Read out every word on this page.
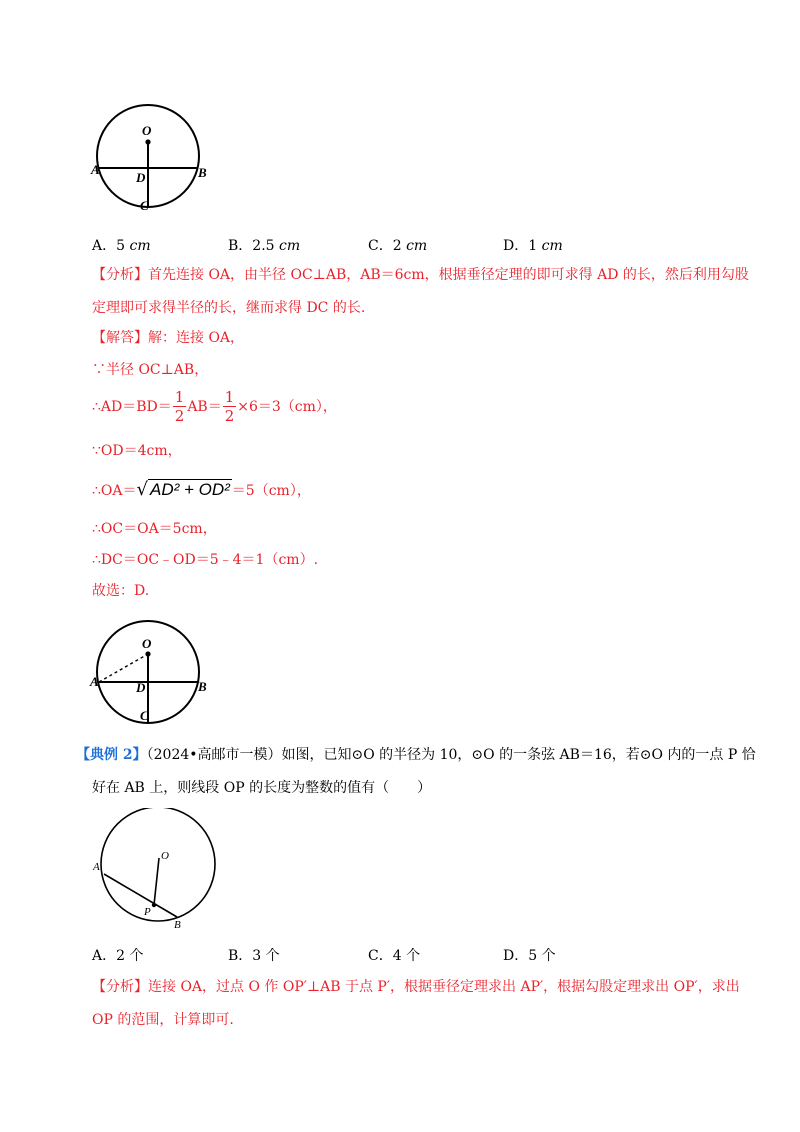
O
A	B
D
C
A．5 cm	B．2.5 cm	C．2 cm	D．1 cm
【分析】首先连接 OA，由半径 OC⊥AB，AB＝6cm，根据垂径定理的即可求得 AD 的长，然后利用勾股
定理即可求得半径的长，继而求得 DC 的长.
【解答】解：连接 OA，
∵半径 OC⊥AB，
∴AD＝BD＝ $\frac{1}{2} AB= \frac{1}{2} \times 6=3(cm)$，
∵OD＝4cm，
∴OA＝√ AD² + OD² ＝5（cm），
∴OC＝OA＝5cm，
∴DC＝OC﹣OD＝5﹣4＝1（cm）.
故选：D.
O
A	B
D
C
【典例 2】（2024•高邮市一模）如图，已知⊙O 的半径为 10，⊙O 的一条弦 AB＝16，若⊙O 内的一点 P 恰
好在 AB 上，则线段 OP 的长度为整数的值有（　　）
O
A
P
B
A．2 个	B．3 个	C．4 个	D．5 个
【分析】连接 OA，过点 O 作 OP′⊥AB 于点 P′，根据垂径定理求出 AP′，根据勾股定理求出 OP′，求出
OP 的范围，计算即可.
